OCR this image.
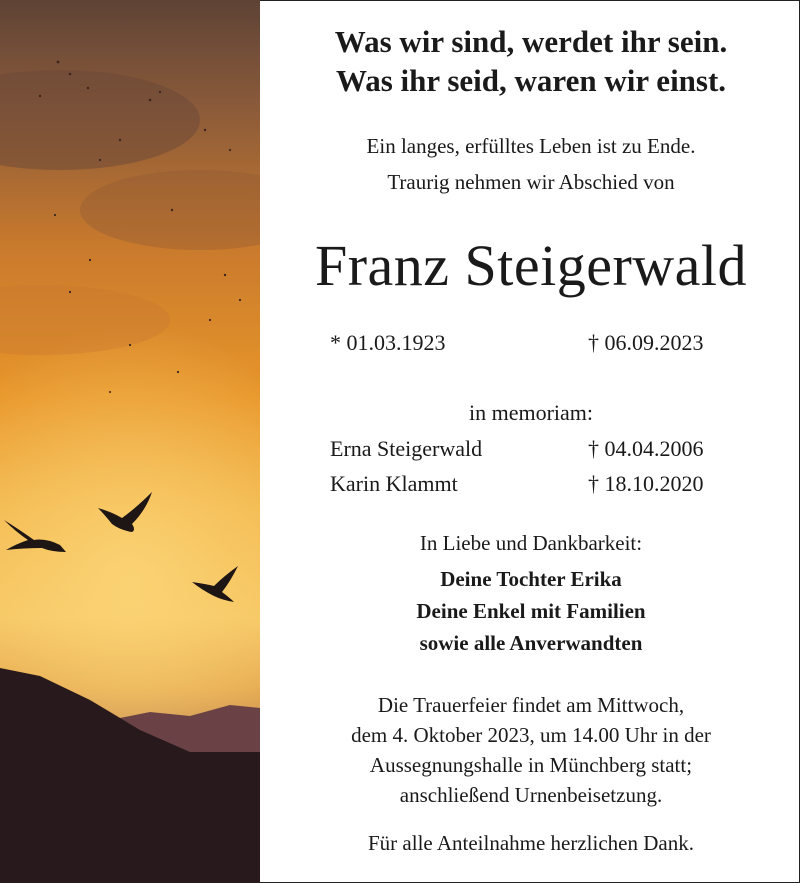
Was wir sind, werdet ihr sein.
Was ihr seid, waren wir einst.
Ein langes, erfülltes Leben ist zu Ende.
Traurig nehmen wir Abschied von
Franz Steigerwald
* 01.03.1923	† 06.09.2023
in memoriam:
Erna Steigerwald	† 04.04.2006
Karin Klammt	† 18.10.2020
In Liebe und Dankbarkeit:
Deine Tochter Erika
Deine Enkel mit Familien
sowie alle Anverwandten
Die Trauerfeier findet am Mittwoch,
dem 4. Oktober 2023, um 14.00 Uhr in der
Aussegnungshalle in Münchberg statt;
anschließend Urnenbeisetzung.
Für alle Anteilnahme herzlichen Dank.
